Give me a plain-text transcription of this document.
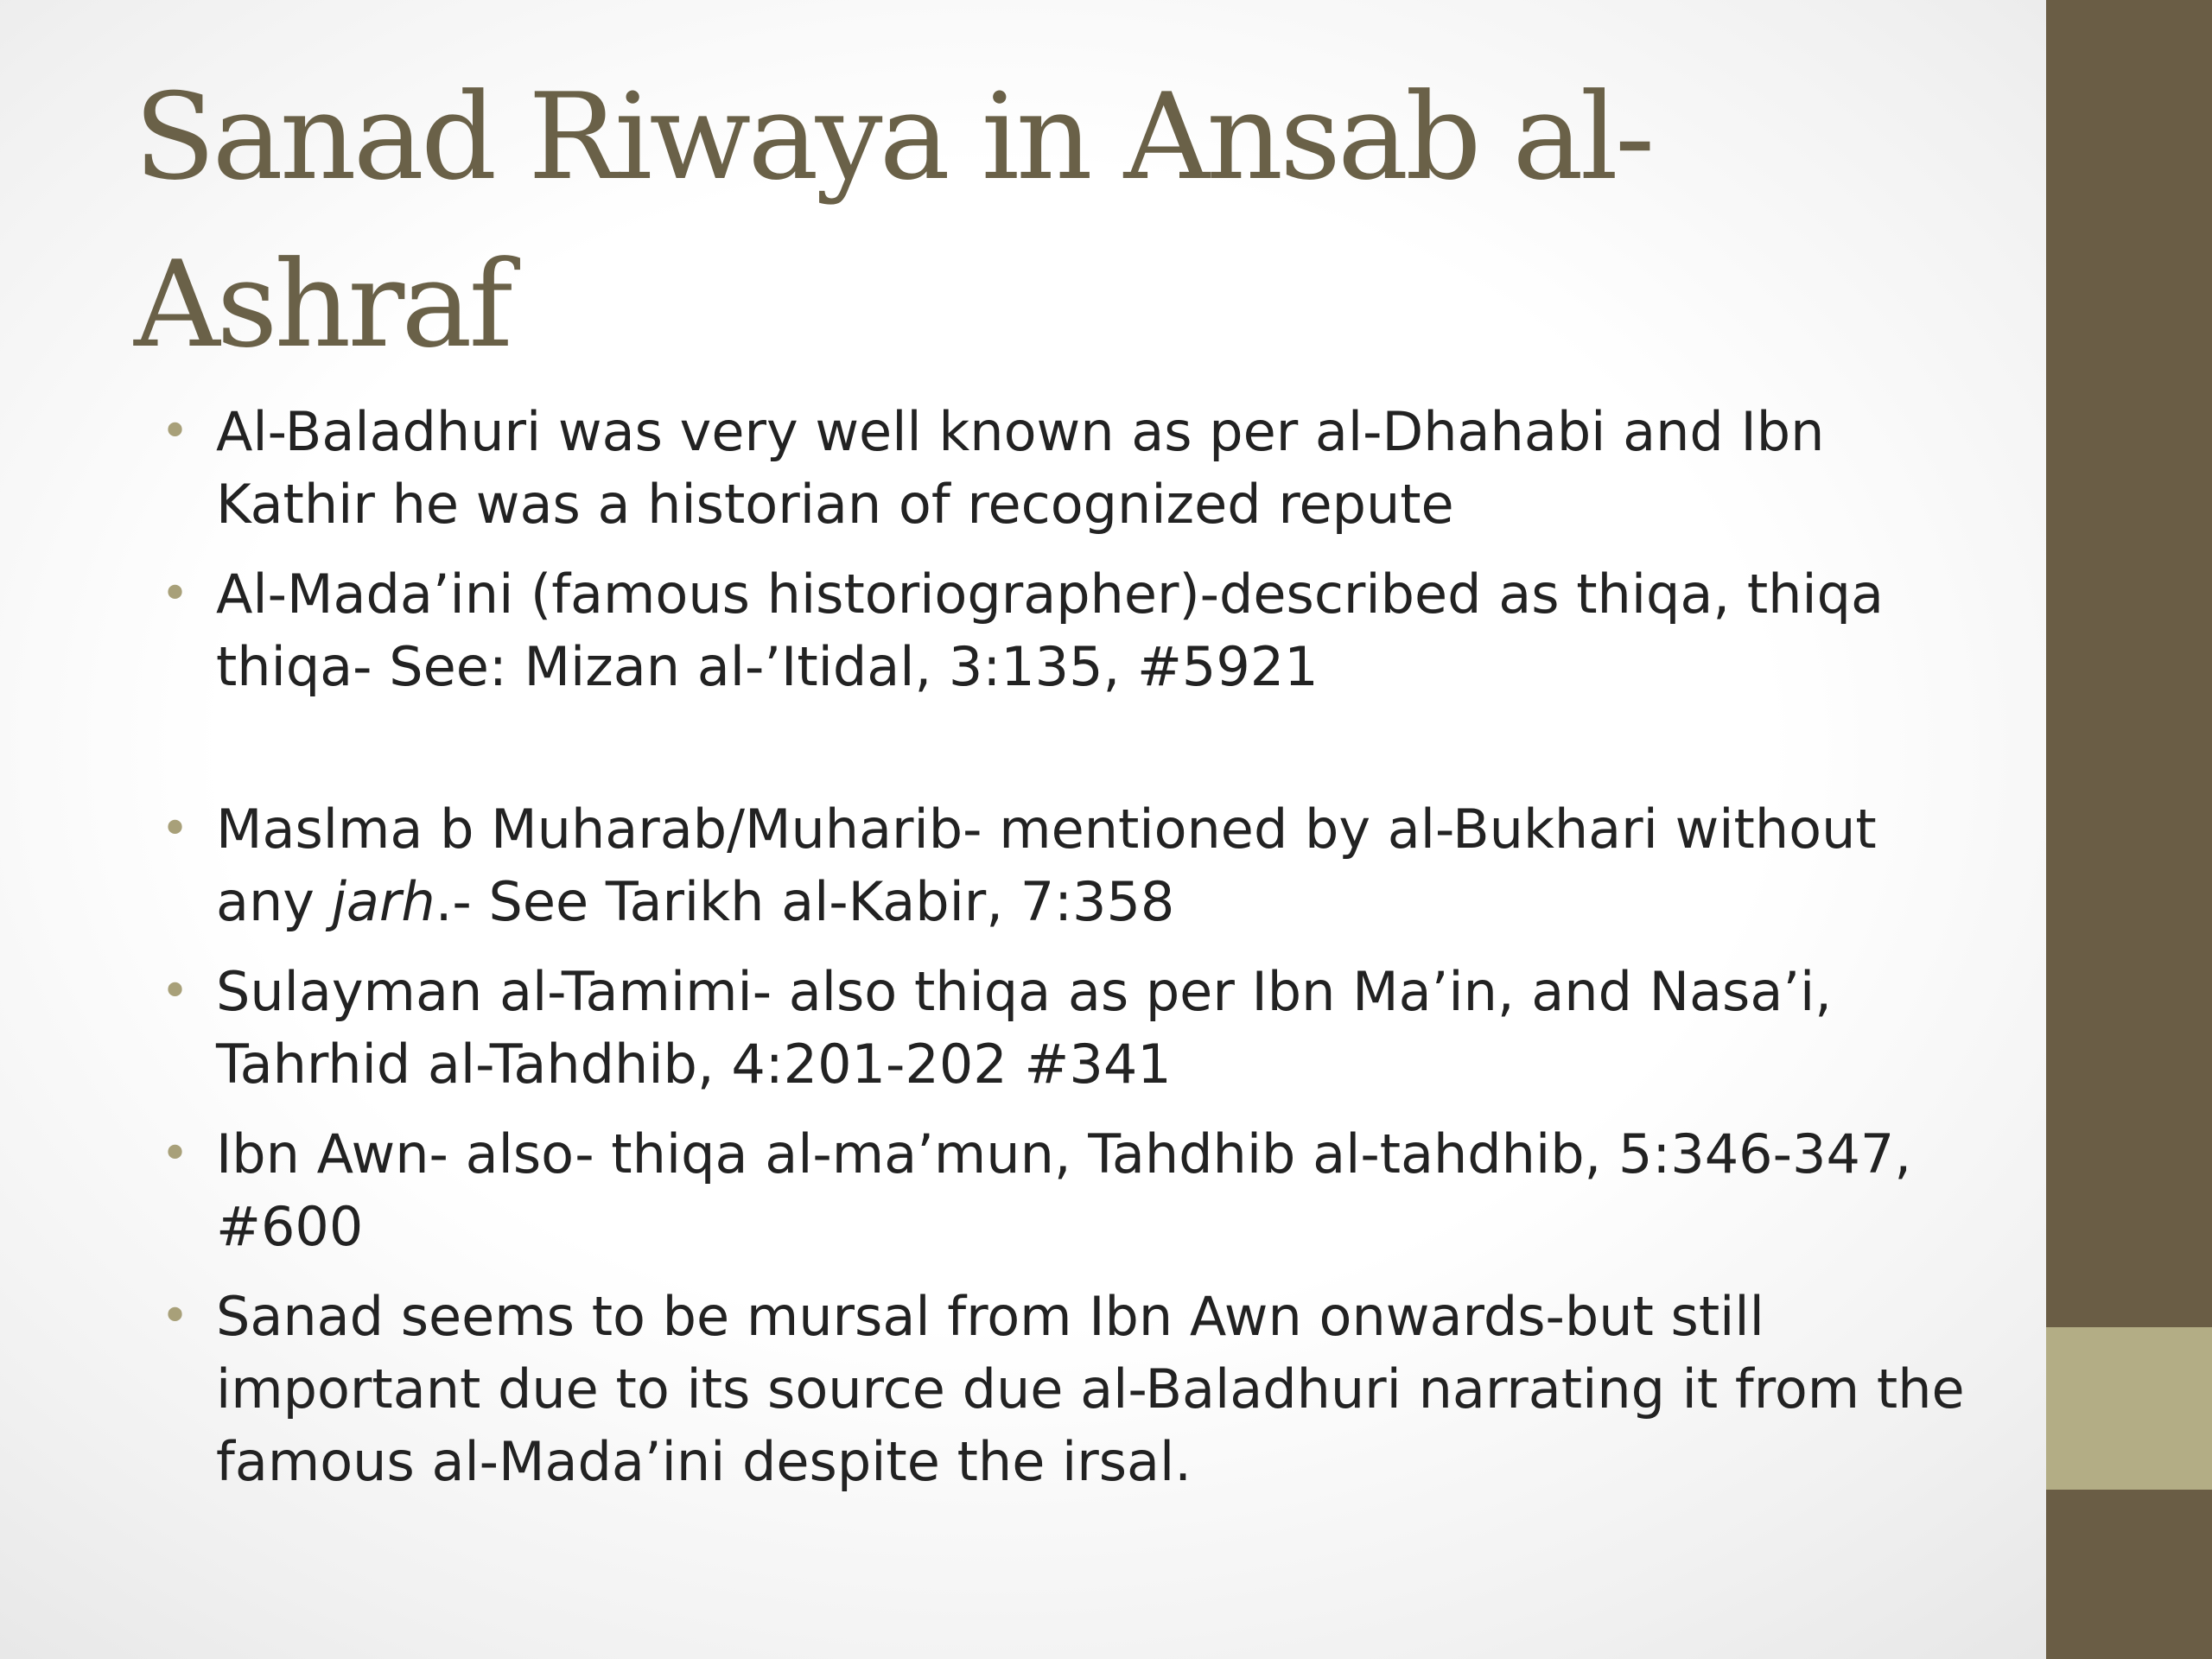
Sanad Riwaya in Ansab al-Ashraf
• Al-Baladhuri was very well known as per al-Dhahabi and Ibn Kathir he was a historian of recognized repute
• Al-Mada’ini (famous historiographer)-described as thiqa, thiqa thiqa- See: Mizan al-’Itidal, 3:135, #5921
• Maslma b Muharab/Muharib- mentioned by al-Bukhari without any jarh.- See Tarikh al-Kabir, 7:358
• Sulayman al-Tamimi- also thiqa as per Ibn Ma’in, and Nasa’i, Tahrhid al-Tahdhib, 4:201-202 #341
• Ibn Awn- also- thiqa al-ma’mun, Tahdhib al-tahdhib, 5:346-347, #600
• Sanad seems to be mursal from Ibn Awn onwards-but still important due to its source due al-Baladhuri narrating it from the famous al-Mada’ini despite the irsal.
